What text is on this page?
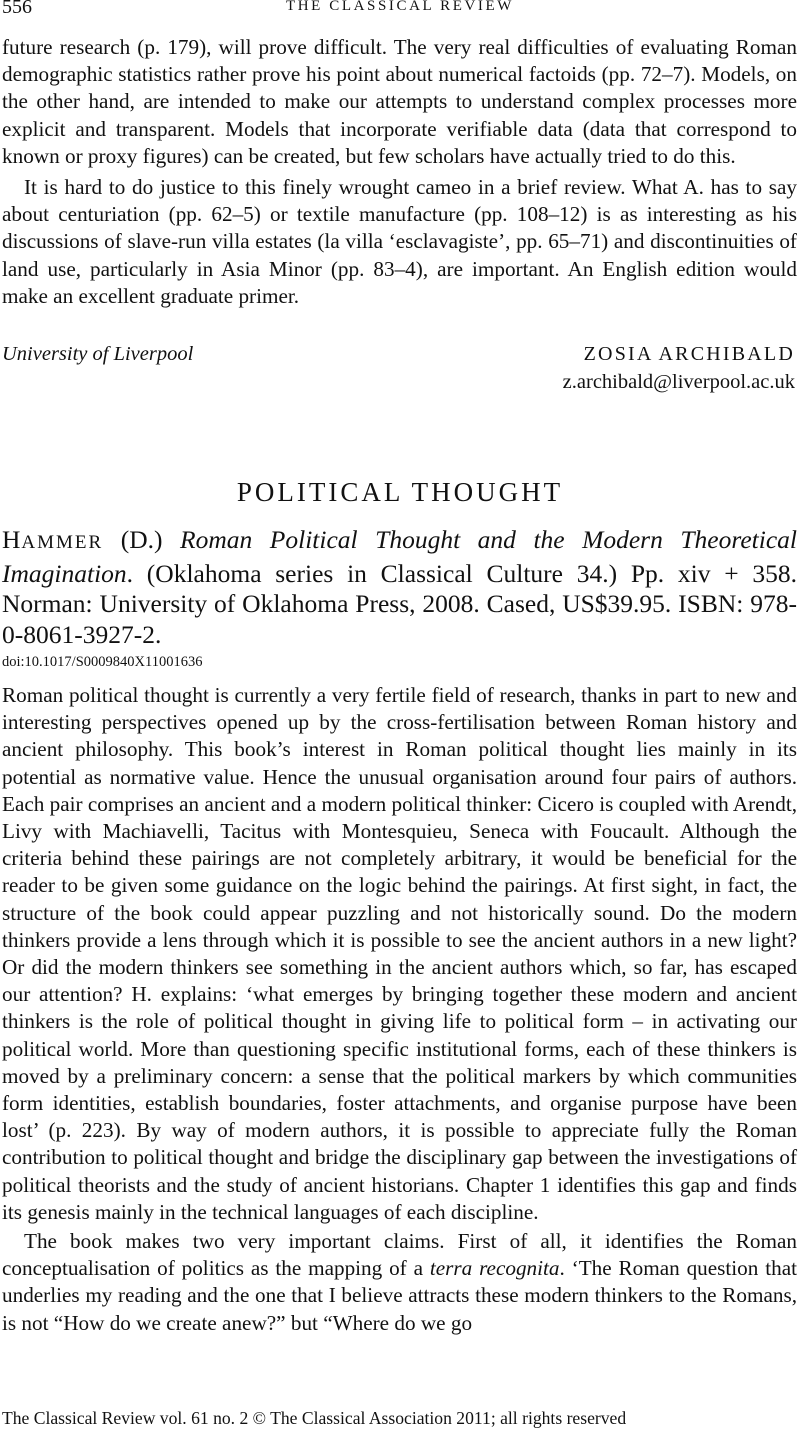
556	THE CLASSICAL REVIEW

future research (p. 179), will prove difficult. The very real difficulties of evaluating Roman demographic statistics rather prove his point about numerical factoids (pp. 72–7). Models, on the other hand, are intended to make our attempts to understand complex processes more explicit and transparent. Models that incorporate verifiable data (data that correspond to known or proxy figures) can be created, but few scholars have actually tried to do this.

It is hard to do justice to this finely wrought cameo in a brief review. What A. has to say about centuriation (pp. 62–5) or textile manufacture (pp. 108–12) is as interesting as his discussions of slave-run villa estates (la villa ‘esclavagiste’, pp. 65–71) and discontinuities of land use, particularly in Asia Minor (pp. 83–4), are important. An English edition would make an excellent graduate primer.

University of Liverpool	ZOSIA ARCHIBALD
z.archibald@liverpool.ac.uk
POLITICAL THOUGHT

HAMMER (D.) Roman Political Thought and the Modern Theoretical Imagination. (Oklahoma series in Classical Culture 34.) Pp. xiv + 358. Norman: University of Oklahoma Press, 2008. Cased, US$39.95. ISBN: 978-0-8061-3927-2.

doi:10.1017/S0009840X11001636

Roman political thought is currently a very fertile field of research, thanks in part to new and interesting perspectives opened up by the cross-fertilisation between Roman history and ancient philosophy. This book’s interest in Roman political thought lies mainly in its potential as normative value. Hence the unusual organisation around four pairs of authors. Each pair comprises an ancient and a modern political thinker: Cicero is coupled with Arendt, Livy with Machiavelli, Tacitus with Montesquieu, Seneca with Foucault. Although the criteria behind these pairings are not completely arbitrary, it would be beneficial for the reader to be given some guidance on the logic behind the pairings. At first sight, in fact, the structure of the book could appear puzzling and not historically sound. Do the modern thinkers provide a lens through which it is possible to see the ancient authors in a new light? Or did the modern thinkers see something in the ancient authors which, so far, has escaped our attention? H. explains: ‘what emerges by bringing together these modern and ancient thinkers is the role of political thought in giving life to political form – in activating our political world. More than questioning specific institutional forms, each of these thinkers is moved by a preliminary concern: a sense that the political markers by which communities form identities, establish boundaries, foster attachments, and organise purpose have been lost’ (p. 223). By way of modern authors, it is possible to appreciate fully the Roman contribution to political thought and bridge the disciplinary gap between the investigations of political theorists and the study of ancient historians. Chapter 1 identifies this gap and finds its genesis mainly in the technical languages of each discipline.

The book makes two very important claims. First of all, it identifies the Roman conceptualisation of politics as the mapping of a terra recognita. ‘The Roman question that underlies my reading and the one that I believe attracts these modern thinkers to the Romans, is not “How do we create anew?” but “Where do we go

The Classical Review vol. 61 no. 2 © The Classical Association 2011; all rights reserved
